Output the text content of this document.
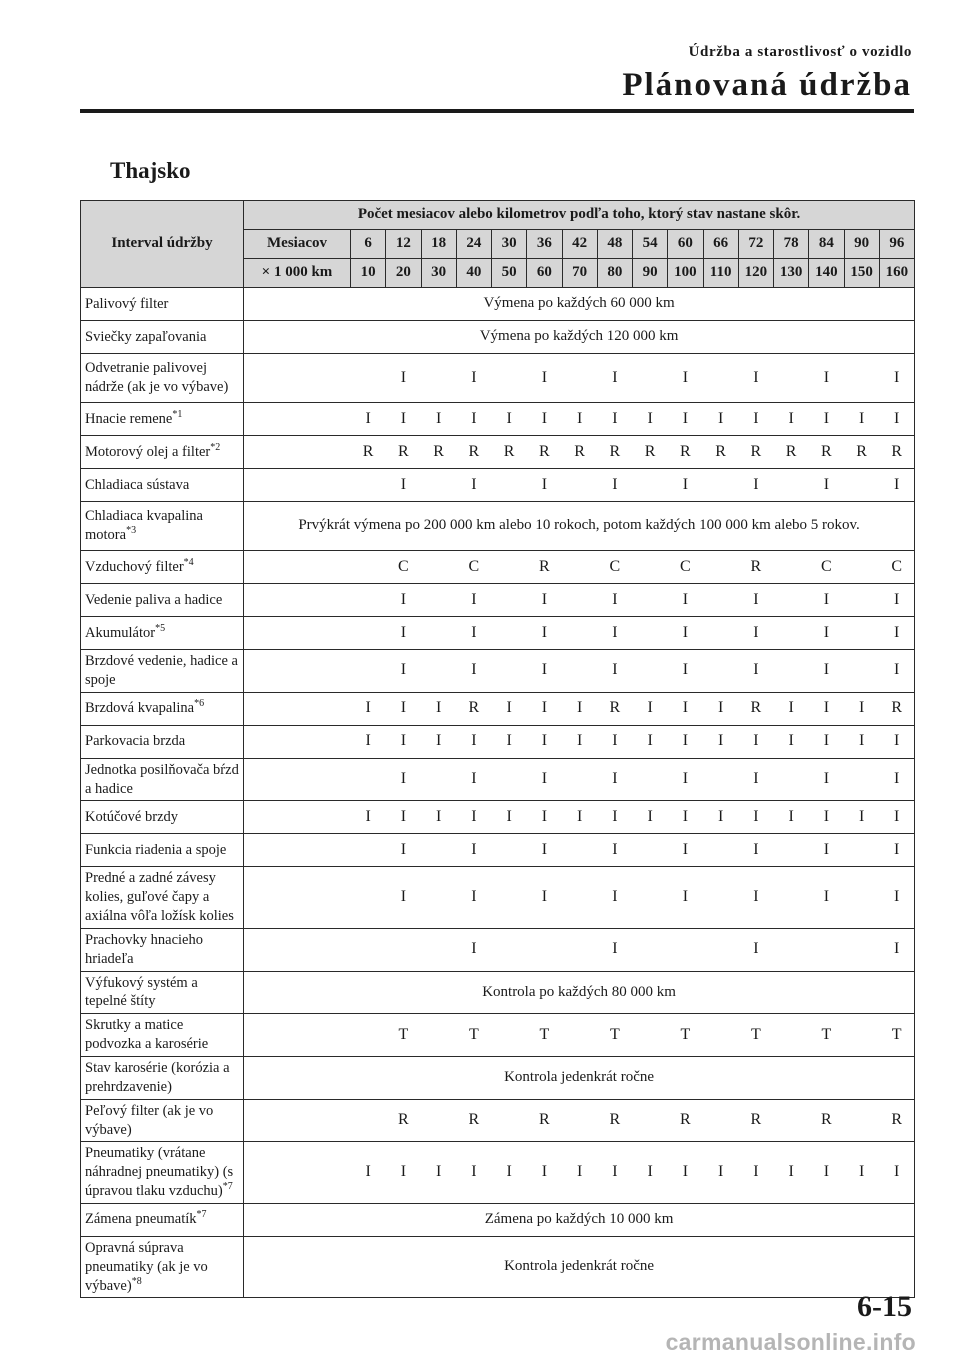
Údržba a starostlivosť o vozidlo
Plánovaná údržba
Thajsko
Interval údržby	Počet mesiacov alebo kilometrov podľa toho, ktorý stav nastane skôr.																
	Mesiacov	6	12	18	24	30	36	42	48	54	60	66	72	78	84	90	96
	× 1 000 km	10	20	30	40	50	60	70	80	90	100	110	120	130	140	150	160
Palivový filter	Výmena po každých 60 000 km																
Sviečky zapaľovania	Výmena po každých 120 000 km																
Odvetranie palivovej nádrže (ak je vo výbave)			I		I		I		I		I		I		I		I
Hnacie remene$^{*1}$		I	I	I	I	I	I	I	I	I	I	I	I	I	I	I	I
Motorový olej a filter$^{*2}$		R	R	R	R	R	R	R	R	R	R	R	R	R	R	R	R
Chladiaca sústava			I		I		I		I		I		I		I		I
Chladiaca kvapalina motora$^{*3}$	Prvýkrát výmena po 200 000 km alebo 10 rokoch, potom každých 100 000 km alebo 5 rokov.																
Vzduchový filter$^{*4}$			C		C		R		C		C		R		C		C
Vedenie paliva a hadice			I		I		I		I		I		I		I		I
Akumulátor$^{*5}$			I		I		I		I		I		I		I		I
Brzdové vedenie, hadice a spoje			I		I		I		I		I		I		I		I
Brzdová kvapalina$^{*6}$		I	I	I	R	I	I	I	R	I	I	I	R	I	I	I	R
Parkovacia brzda		I	I	I	I	I	I	I	I	I	I	I	I	I	I	I	I
Jednotka posilňovača bŕzd a hadice			I		I		I		I		I		I		I		I
Kotúčové brzdy		I	I	I	I	I	I	I	I	I	I	I	I	I	I	I	I
Funkcia riadenia a spoje			I		I		I		I		I		I		I		I
Predné a zadné závesy kolies, guľové čapy a axiálna vôľa ložísk kolies			I		I		I		I		I		I		I		I
Prachovky hnacieho hriadeľa					I				I				I				I
Výfukový systém a tepelné štíty	Kontrola po každých 80 000 km																
Skrutky a matice podvozka a karosérie			T		T		T		T		T		T		T		T
Stav karosérie (korózia a prehrdzavenie)	Kontrola jedenkrát ročne																
Peľový filter (ak je vo výbave)			R		R		R		R		R		R		R		R
Pneumatiky (vrátane náhradnej pneumatiky) (s úpravou tlaku vzduchu)$^{*7}$		I	I	I	I	I	I	I	I	I	I	I	I	I	I	I	I
Zámena pneumatík$^{*7}$	Zámena po každých 10 000 km																
Opravná súprava pneumatiky (ak je vo výbave)$^{*8}$	Kontrola jedenkrát ročne																
6-15
carmanualsonline.info
